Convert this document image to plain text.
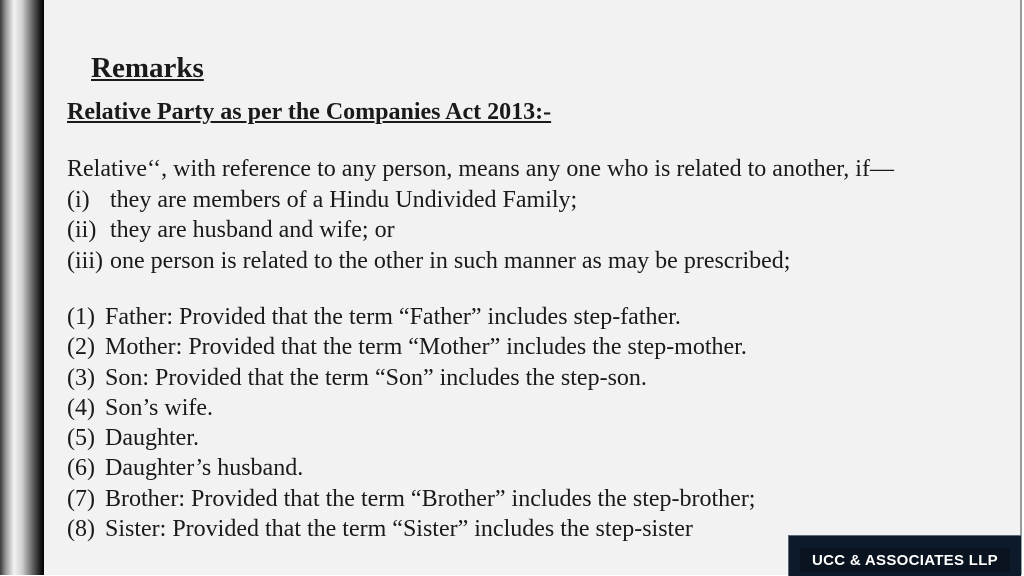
Remarks
Relative Party as per the Companies Act 2013:-
Relative‘‘, with reference to any person, means any one who is related to another, if—
(i) they are members of a Hindu Undivided Family;
(ii) they are husband and wife; or
(iii) one person is related to the other in such manner as may be prescribed;
(1) Father: Provided that the term “Father” includes step-father.
(2) Mother: Provided that the term “Mother” includes the step-mother.
(3) Son: Provided that the term “Son” includes the step-son.
(4) Son’s wife.
(5) Daughter.
(6) Daughter’s husband.
(7) Brother: Provided that the term “Brother” includes the step-brother;
(8) Sister: Provided that the term “Sister” includes the step-sister
UCC & ASSOCIATES LLP
